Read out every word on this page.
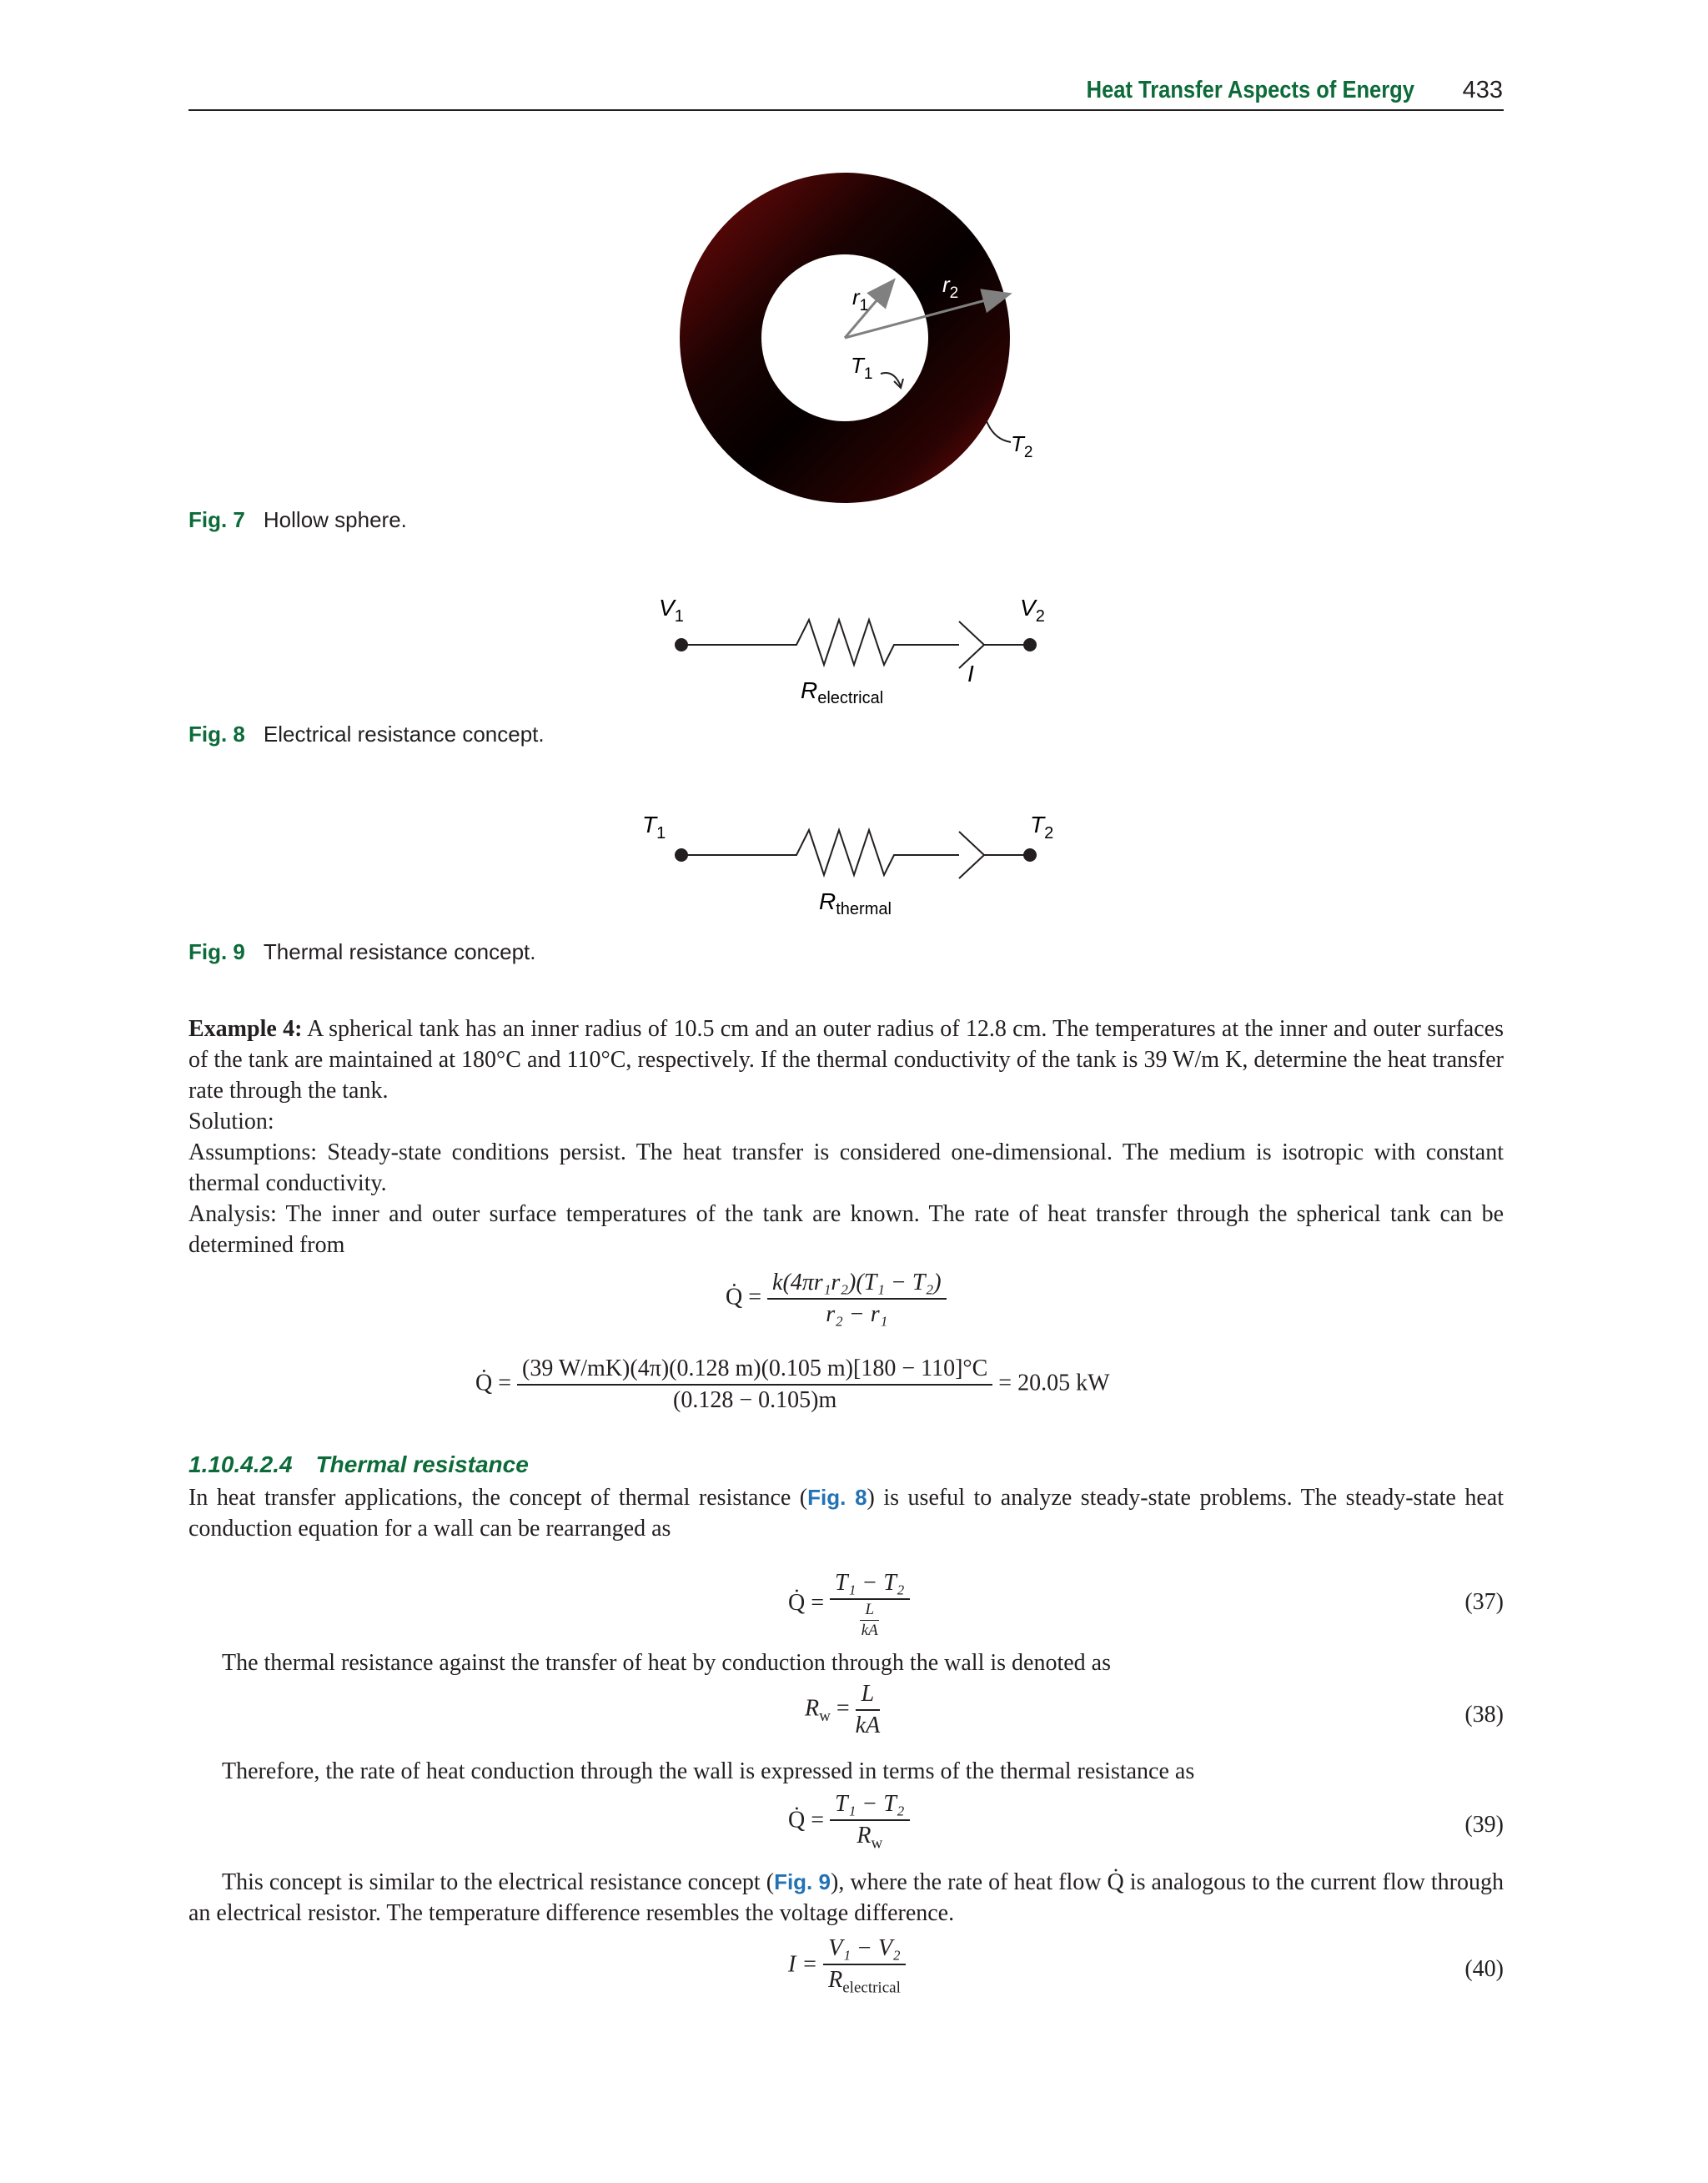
Heat Transfer Aspects of Energy 433
$r_1$
$r_2$
$T_1$
$T_2$
Fig. 7 Hollow sphere.
$V_1$	$V_2$
$R_{electrical}$
I
Fig. 8 Electrical resistance concept.
$T_1$	$T_2$
$R_{thermal}$
Fig. 9 Thermal resistance concept.
Example 4: A spherical tank has an inner radius of 10.5 cm and an outer radius of 12.8 cm. The temperatures at the inner and outer surfaces of the tank are maintained at 180°C and 110°C, respectively. If the thermal conductivity of the tank is 39 W/m K, determine the heat transfer rate through the tank.
Solution:
Assumptions: Steady-state conditions persist. The heat transfer is considered one-dimensional. The medium is isotropic with constant thermal conductivity.
Analysis: The inner and outer surface temperatures of the tank are known. The rate of heat transfer through the spherical tank can be determined from
Q̇ = $\frac{\text{k(4πr₁r₂)(T₁ − T₂)}}{\text{r₂ − r₁}}$
Q̇ = $\frac{(39 W/mK)(4\pi)(0.128 m)(0.105 m)[180 - 110]^\circ C}{(0.128 - 0.105)m} = 20.05$ kW
1.10.4.2.4 Thermal resistance
In heat transfer applications, the concept of thermal resistance (Fig. 8) is useful to analyze steady-state problems. The steady-state heat conduction equation for a wall can be rearranged as
Q̇ = $\frac{\text{T₁ − T₂}}{\frac{L}{kA}}$	(37)
The thermal resistance against the transfer of heat by conduction through the wall is denoted as
$R_w = \frac{L}{kA}$	(38)
Therefore, the rate of heat conduction through the wall is expressed in terms of the thermal resistance as
Q̇ = $\frac{\text{T₁ − T₂}}{R_w}$	(39)
This concept is similar to the electrical resistance concept (Fig. 9), where the rate of heat flow Q̇ is analogous to the current flow through an electrical resistor. The temperature difference resembles the voltage difference.
$I = \frac{\text{V₁ − V₂}}{R_{electrical}}$	(40)
